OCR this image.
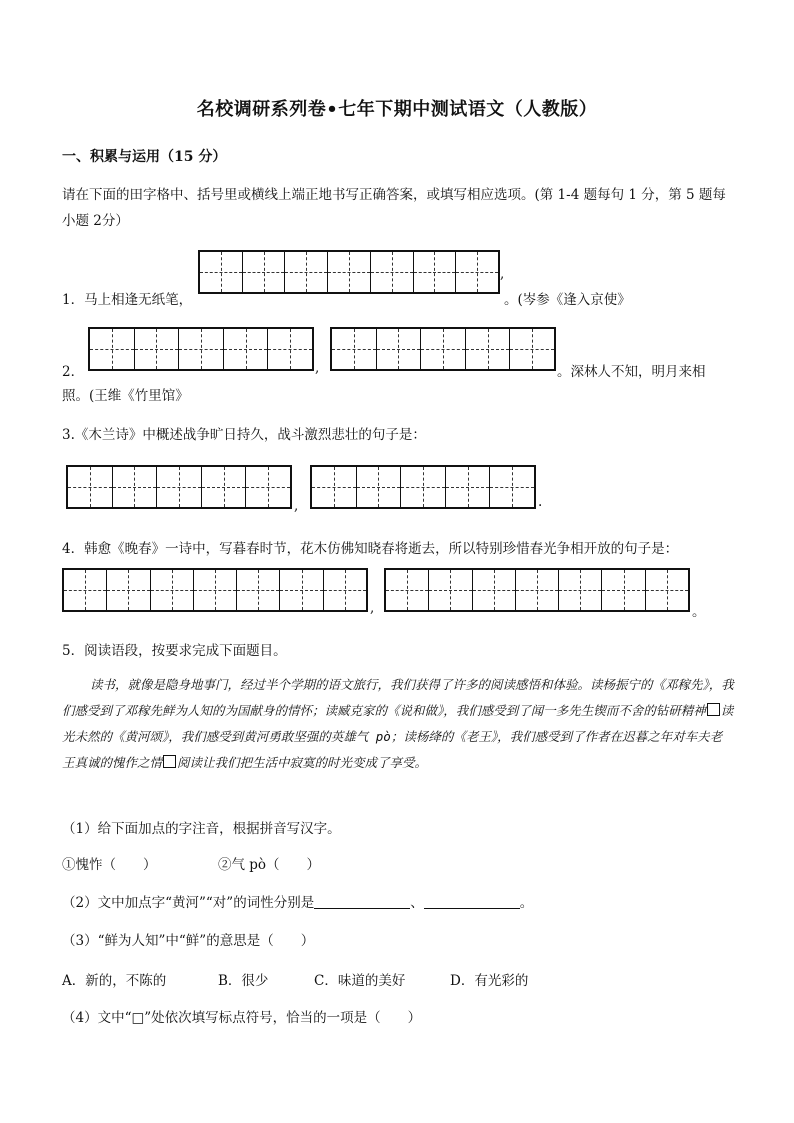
名校调研系列卷•七年下期中测试语文（人教版）
一、积累与运用（15 分）
请在下面的田字格中、括号里或横线上端正地书写正确答案，或填写相应选项。(第 1-4 题每句 1 分，第 5 题每小题 2分）
1．马上相逢无纸笔，
,
。(岑参《逢入京使》
2．	,	。深林人不知，明月来相
照。(王维《竹里馆》
3.《木兰诗》中概述战争旷日持久，战斗激烈悲壮的句子是：
,	.
4．韩愈《晚春》一诗中，写暮春时节，花木仿佛知晓春将逝去，所以特别珍惜春光争相开放的句子是：
,	。
5．阅读语段，按要求完成下面题目。
读书，就像是隐身地事门，经过半个学期的语文旅行，我们获得了许多的阅读感悟和体验。读杨振宁的《邓稼先》，我们感受到了邓稼先鲜为人知的为国献身的情怀；读臧克家的《说和做》，我们感受到了闻一多先生锲而不舍的钻研精神 读光未然的《黄河颂》，我们感受到黄河勇敢坚强的英雄气 pò；读杨绛的《老王》，我们感受到了作者在迟暮之年对车夫老王真诚的愧作之情 阅读让我们把生活中寂寞的时光变成了享受。
（1）给下面加点的字注音，根据拼音写汉字。
①愧怍（　　）	②气 pò（　　）
（2）文中加点字“黄河”“对”的词性分别是	、	。
（3）“鲜为人知”中“鲜”的意思是（　　）
A．新的，不陈的	B．很少	C．味道的美好	D．有光彩的
（4）文中“□”处依次填写标点符号，恰当的一项是（　　）
